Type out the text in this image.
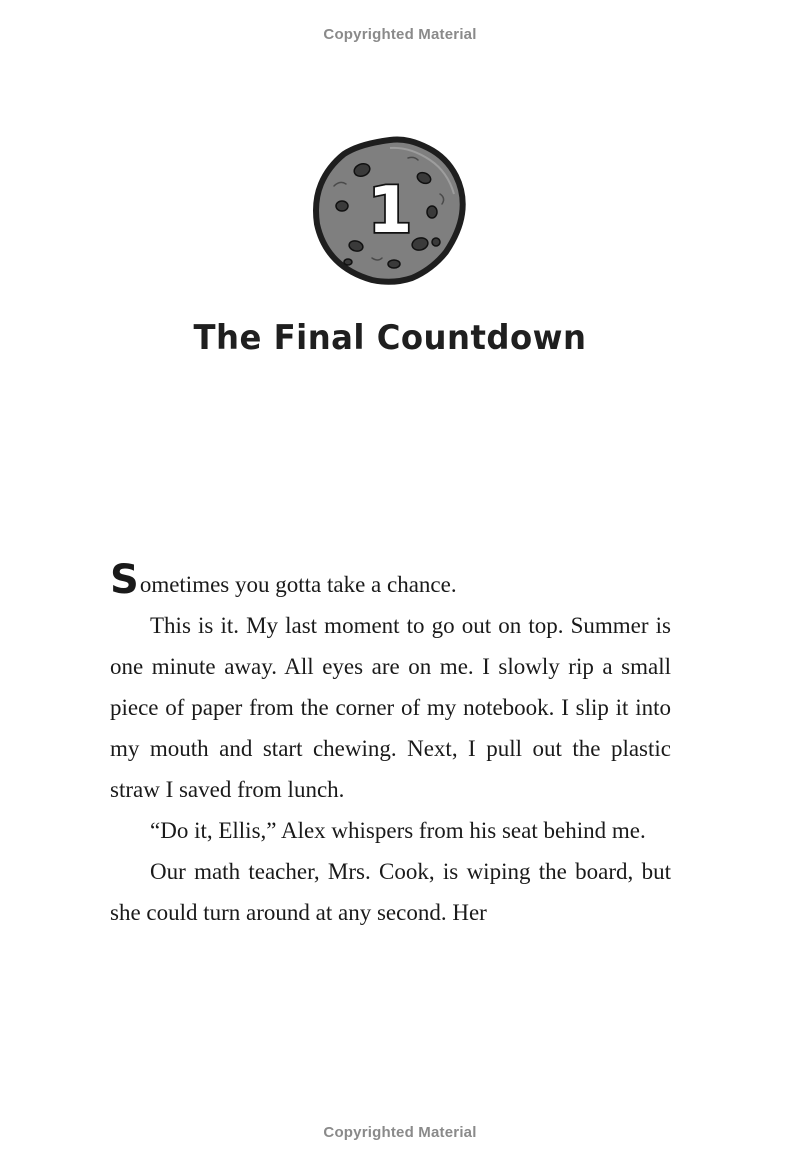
Copyrighted Material
1
The Final Countdown

Sometimes you gotta take a chance.

This is it. My last moment to go out on top. Summer is one minute away. All eyes are on me. I slowly rip a small piece of paper from the corner of my notebook. I slip it into my mouth and start chewing. Next, I pull out the plastic straw I saved from lunch.

“Do it, Ellis,” Alex whispers from his seat behind me.

Our math teacher, Mrs. Cook, is wiping the board, but she could turn around at any second. Her

Copyrighted Material
